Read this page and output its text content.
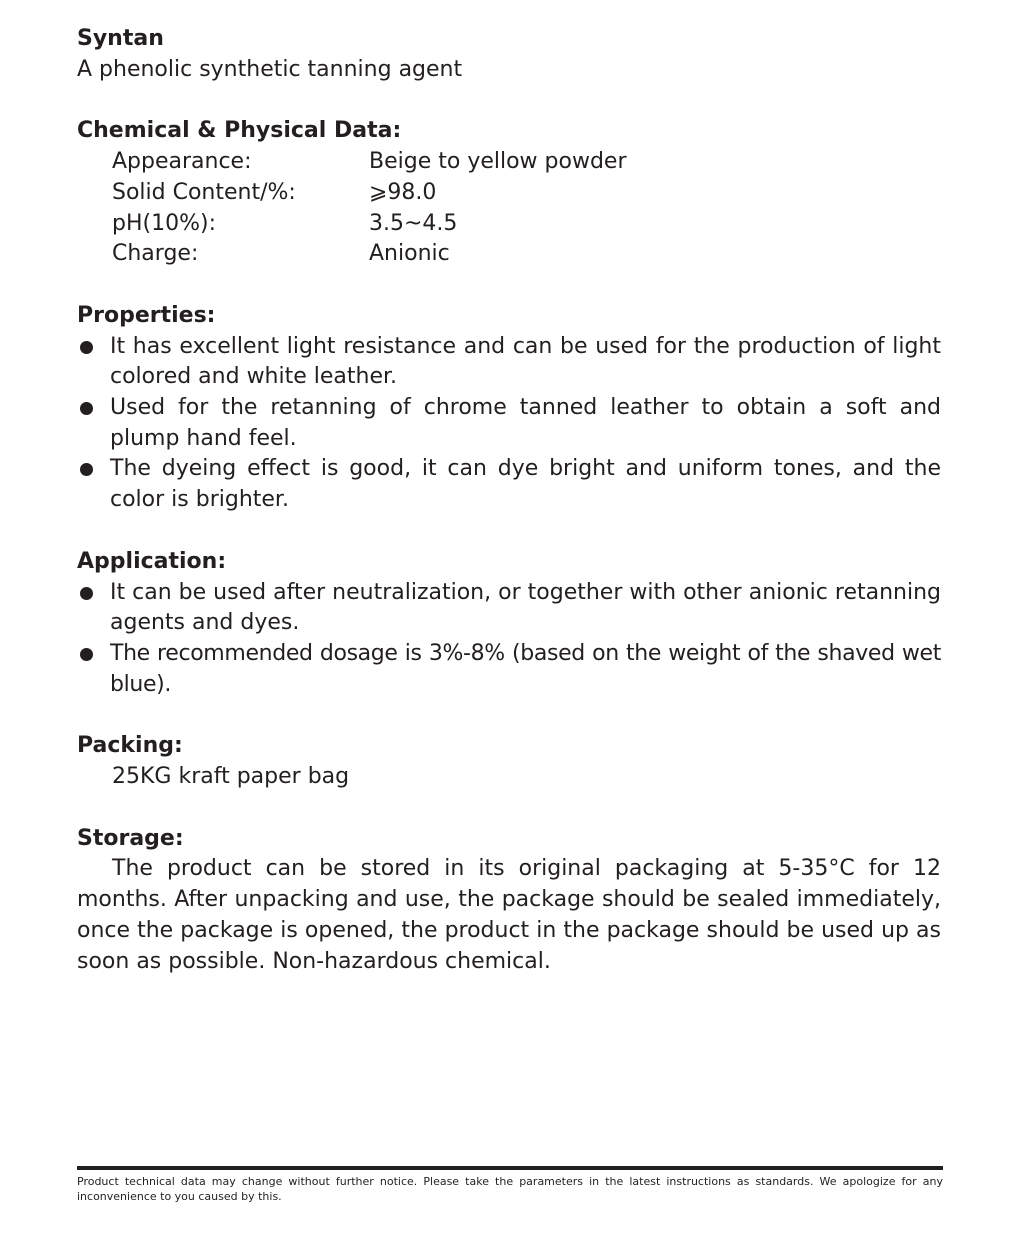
Syntan
A phenolic synthetic tanning agent
Chemical & Physical Data:
Appearance:	Beige to yellow powder
Solid Content/%:	⩾98.0
pH(10%):	3.5~4.5
Charge:	Anionic
Properties:
It has excellent light resistance and can be used for the production of light colored and white leather.
Used for the retanning of chrome tanned leather to obtain a soft and plump hand feel.
The dyeing effect is good, it can dye bright and uniform tones, and the color is brighter.
Application:
It can be used after neutralization, or together with other anionic retanning agents and dyes.
The recommended dosage is 3%-8% (based on the weight of the shaved wet blue).
Packing:
25KG kraft paper bag
Storage:
The product can be stored in its original packaging at 5-35°C for 12 months. After unpacking and use, the package should be sealed immediately, once the package is opened, the product in the package should be used up as soon as possible. Non-hazardous chemical.
Product technical data may change without further notice. Please take the parameters in the latest instructions as standards. We apologize for any inconvenience to you caused by this.
